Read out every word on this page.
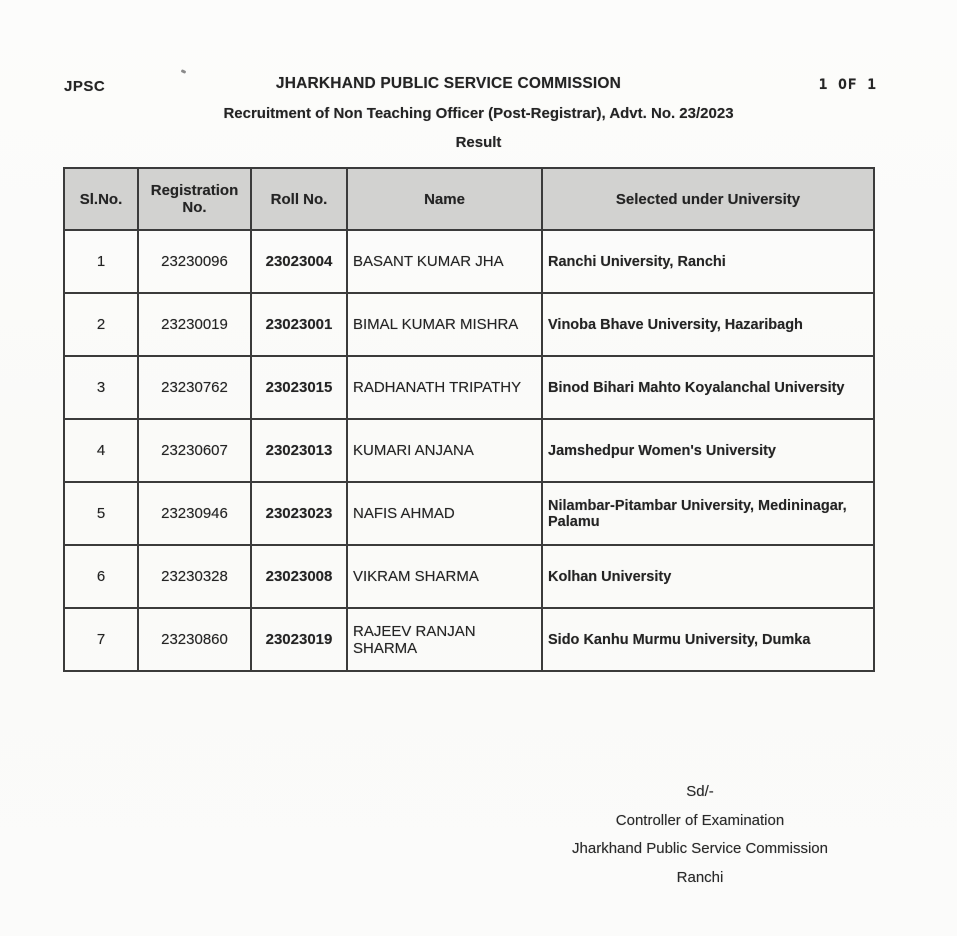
JPSC	JHARKHAND PUBLIC SERVICE COMMISSION	1 OF 1
Recruitment of Non Teaching Officer (Post-Registrar), Advt. No. 23/2023
Result
Sl.No.	Registration No.	Roll No.	Name	Selected under University
1	23230096	23023004	BASANT KUMAR JHA	Ranchi University, Ranchi
2	23230019	23023001	BIMAL KUMAR MISHRA	Vinoba Bhave University, Hazaribagh
3	23230762	23023015	RADHANATH TRIPATHY	Binod Bihari Mahto Koyalanchal University
4	23230607	23023013	KUMARI ANJANA	Jamshedpur Women's University
5	23230946	23023023	NAFIS AHMAD	Nilambar-Pitambar University, Medininagar, Palamu
6	23230328	23023008	VIKRAM SHARMA	Kolhan University
7	23230860	23023019	RAJEEV RANJAN SHARMA	Sido Kanhu Murmu University, Dumka
Sd/-
Controller of Examination
Jharkhand Public Service Commission
Ranchi
